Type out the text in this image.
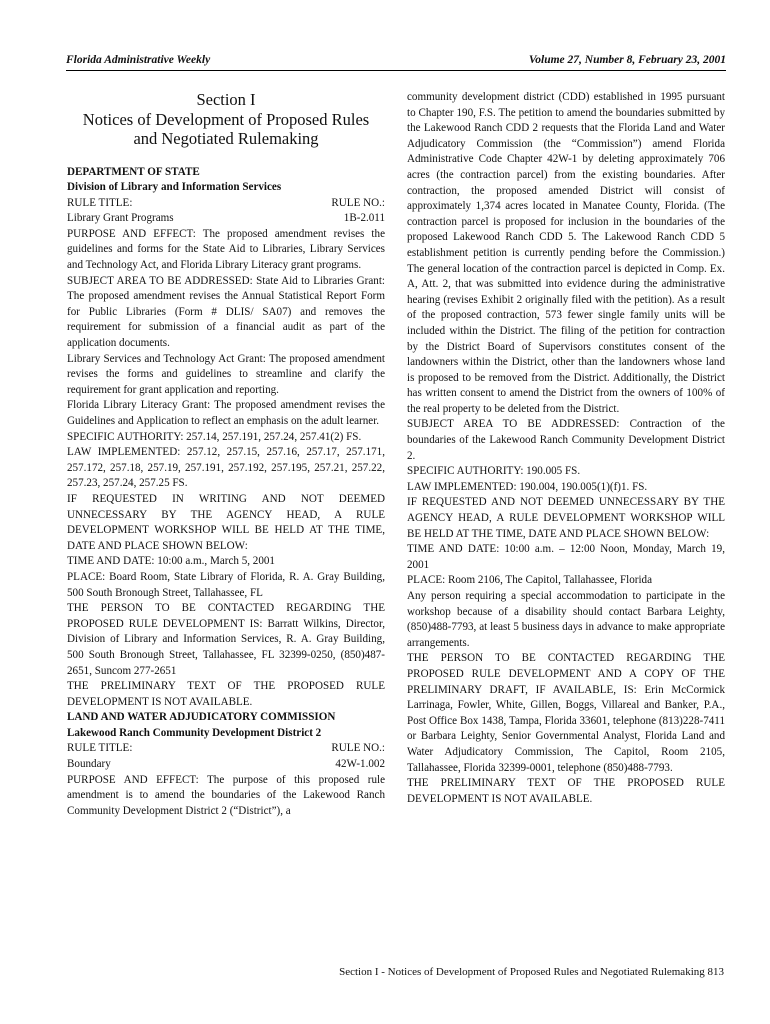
Florida Administrative Weekly	Volume 27, Number 8, February 23, 2001
Section I
Notices of Development of Proposed Rules
and Negotiated Rulemaking

DEPARTMENT OF STATE

Division of Library and Information Services

RULE TITLE:	RULE NO.:
Library Grant Programs	1B-2.011

PURPOSE AND EFFECT: The proposed amendment revises the guidelines and forms for the State Aid to Libraries, Library Services and Technology Act, and Florida Library Literacy grant programs.

SUBJECT AREA TO BE ADDRESSED: State Aid to Libraries Grant: The proposed amendment revises the Annual Statistical Report Form for Public Libraries (Form # DLIS/ SA07) and removes the requirement for submission of a financial audit as part of the application documents.

Library Services and Technology Act Grant: The proposed amendment revises the forms and guidelines to streamline and clarify the requirement for grant application and reporting.

Florida Library Literacy Grant: The proposed amendment revises the Guidelines and Application to reflect an emphasis on the adult learner.

SPECIFIC AUTHORITY: 257.14, 257.191, 257.24, 257.41(2) FS.

LAW IMPLEMENTED: 257.12, 257.15, 257.16, 257.17, 257.171, 257.172, 257.18, 257.19, 257.191, 257.192, 257.195, 257.21, 257.22, 257.23, 257.24, 257.25 FS.

IF REQUESTED IN WRITING AND NOT DEEMED UNNECESSARY BY THE AGENCY HEAD, A RULE DEVELOPMENT WORKSHOP WILL BE HELD AT THE TIME, DATE AND PLACE SHOWN BELOW:

TIME AND DATE: 10:00 a.m., March 5, 2001

PLACE: Board Room, State Library of Florida, R. A. Gray Building, 500 South Bronough Street, Tallahassee, FL

THE PERSON TO BE CONTACTED REGARDING THE PROPOSED RULE DEVELOPMENT IS: Barratt Wilkins, Director, Division of Library and Information Services, R. A. Gray Building, 500 South Bronough Street, Tallahassee, FL 32399-0250, (850)487-2651, Suncom 277-2651

THE PRELIMINARY TEXT OF THE PROPOSED RULE DEVELOPMENT IS NOT AVAILABLE.

LAND AND WATER ADJUDICATORY COMMISSION

Lakewood Ranch Community Development District 2

RULE TITLE:	RULE NO.:
Boundary	42W-1.002

PURPOSE AND EFFECT: The purpose of this proposed rule amendment is to amend the boundaries of the Lakewood Ranch Community Development District 2 (“District”), a

community development district (CDD) established in 1995 pursuant to Chapter 190, F.S. The petition to amend the boundaries submitted by the Lakewood Ranch CDD 2 requests that the Florida Land and Water Adjudicatory Commission (the “Commission”) amend Florida Administrative Code Chapter 42W-1 by deleting approximately 706 acres (the contraction parcel) from the existing boundaries. After contraction, the proposed amended District will consist of approximately 1,374 acres located in Manatee County, Florida. (The contraction parcel is proposed for inclusion in the boundaries of the proposed Lakewood Ranch CDD 5. The Lakewood Ranch CDD 5 establishment petition is currently pending before the Commission.) The general location of the contraction parcel is depicted in Comp. Ex. A, Att. 2, that was submitted into evidence during the administrative hearing (revises Exhibit 2 originally filed with the petition). As a result of the proposed contraction, 573 fewer single family units will be included within the District. The filing of the petition for contraction by the District Board of Supervisors constitutes consent of the landowners within the District, other than the landowners whose land is proposed to be removed from the District. Additionally, the District has written consent to amend the District from the owners of 100% of the real property to be deleted from the District.

SUBJECT AREA TO BE ADDRESSED: Contraction of the boundaries of the Lakewood Ranch Community Development District 2.

SPECIFIC AUTHORITY: 190.005 FS.

LAW IMPLEMENTED: 190.004, 190.005(1)(f)1. FS.

IF REQUESTED AND NOT DEEMED UNNECESSARY BY THE AGENCY HEAD, A RULE DEVELOPMENT WORKSHOP WILL BE HELD AT THE TIME, DATE AND PLACE SHOWN BELOW:

TIME AND DATE: 10:00 a.m. – 12:00 Noon, Monday, March 19, 2001

PLACE: Room 2106, The Capitol, Tallahassee, Florida

Any person requiring a special accommodation to participate in the workshop because of a disability should contact Barbara Leighty, (850)488-7793, at least 5 business days in advance to make appropriate arrangements.

THE PERSON TO BE CONTACTED REGARDING THE PROPOSED RULE DEVELOPMENT AND A COPY OF THE PRELIMINARY DRAFT, IF AVAILABLE, IS: Erin McCormick Larrinaga, Fowler, White, Gillen, Boggs, Villareal and Banker, P.A., Post Office Box 1438, Tampa, Florida 33601, telephone (813)228-7411 or Barbara Leighty, Senior Governmental Analyst, Florida Land and Water Adjudicatory Commission, The Capitol, Room 2105, Tallahassee, Florida 32399-0001, telephone (850)488-7793.

THE PRELIMINARY TEXT OF THE PROPOSED RULE DEVELOPMENT IS NOT AVAILABLE.

Section I - Notices of Development of Proposed Rules and Negotiated Rulemaking 813
